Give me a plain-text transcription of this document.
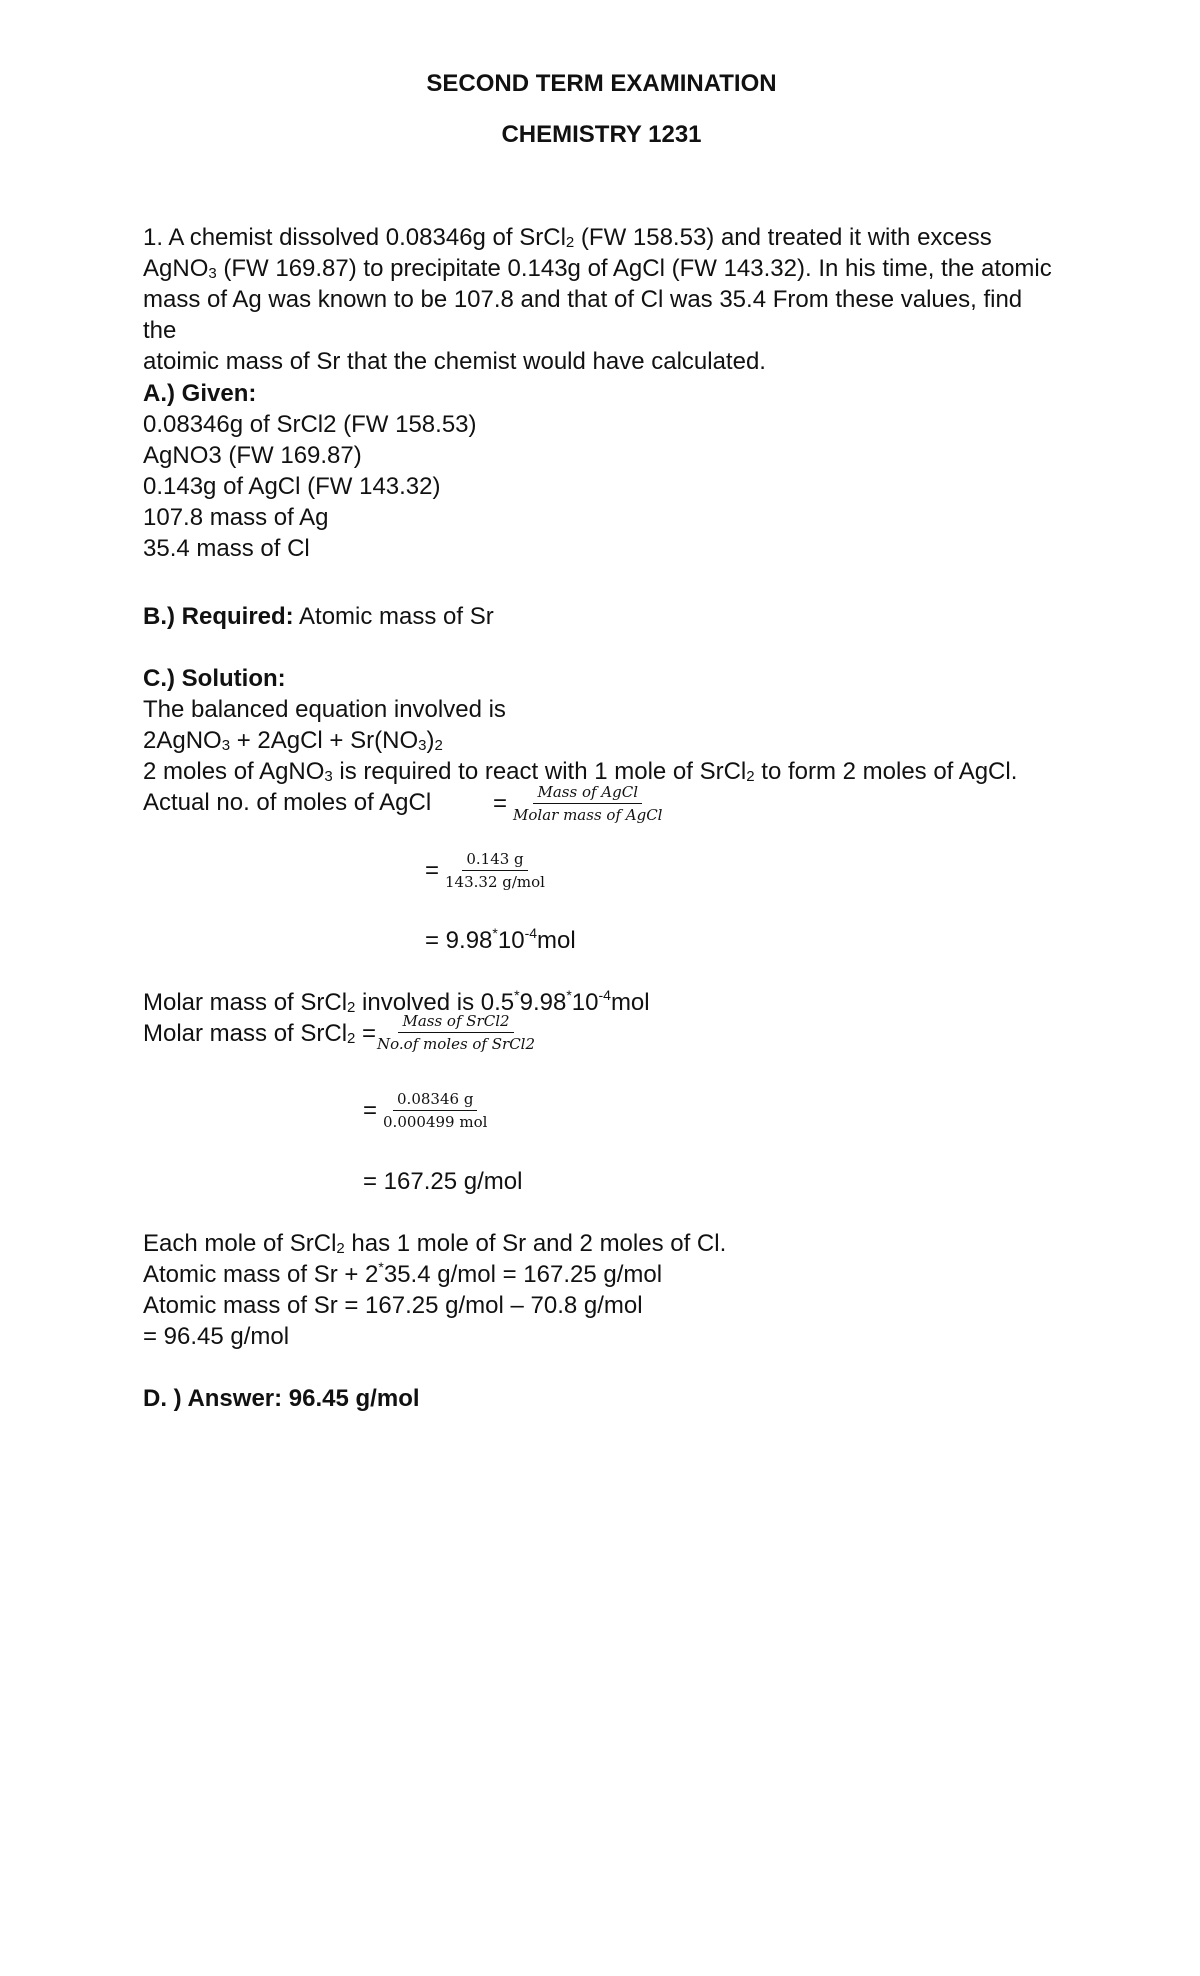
SECOND TERM EXAMINATION
CHEMISTRY 1231

1. A chemist dissolved 0.08346g of SrCl$_2$ (FW 158.53) and treated it with excess

AgNO$_3$ (FW 169.87) to precipitate 0.143g of AgCl (FW 143.32). In his time, the atomic

mass of Ag was known to be 107.8 and that of Cl was 35.4 From these values, find the

atoimic mass of Sr that the chemist would have calculated.

A.) Given:

0.08346g of SrCl2 (FW 158.53)

AgNO3 (FW 169.87)

0.143g of AgCl (FW 143.32)

107.8 mass of Ag

35.4 mass of Cl

B.) Required: Atomic mass of Sr

C.) Solution:

The balanced equation involved is

2AgNO$_3$ + 2AgCl + $Sr(NO_3)_2$

2 moles of AgNO$_3$ is required to react with 1 mole of SrCl$_2$ to form 2 moles of AgCl.

Actual no. of moles of AgCl	= $\frac{\text{Mass of AgCl}}{\text{Molar mass of AgCl}}$
= $\frac{0.143 g}{\text{143.32 g/mol}}$
= $9.98^*10^{-4}mol$
Molar mass of SrCl$_2$ involved is $0.5^*9.98^*10^{-4}mol$
Molar mass of SrCl$_2$ =
$\frac{\text{Mass of SrCl2}}{\text{No.of moles of SrCl2}}$
= $\frac{0.08346 g}{\text{0.000499 mol}}$
= 167.25 g/mol

Each mole of SrCl$_2$ has 1 mole of Sr and 2 moles of Cl.

Atomic mass of Sr + 2*35.4 g/mol = 167.25 g/mol

Atomic mass of Sr = 167.25 g/mol – 70.8 g/mol

= 96.45 g/mol

D. ) Answer: 96.45 g/mol
